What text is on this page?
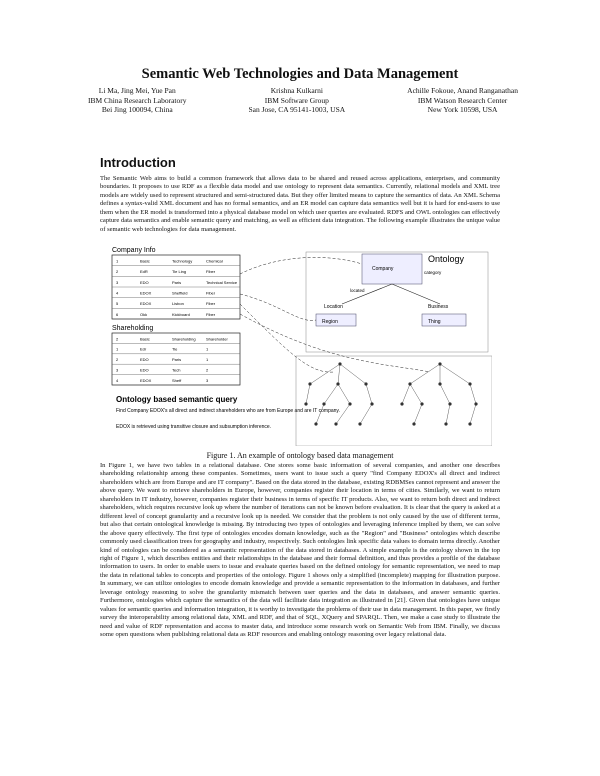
Semantic Web Technologies and Data Management
Li Ma, Jing Mei, Yue Pan
IBM China Research Laboratory
Bei Jing 100094, China
Krishna Kulkarni
IBM Software Group
San Jose, CA 95141-1003, USA
Achille Fokoue, Anand Ranganathan
IBM Watson Research Center
New York 10598, USA
Introduction

The Semantic Web aims to build a common framework that allows data to be shared and reused across applications, enterprises, and community boundaries. It proposes to use RDF as a flexible data model and use ontology to represent data semantics. Currently, relational models and XML tree models are widely used to represent structured and semi-structured data. But they offer limited means to capture the semantics of data. An XML Schema defines a syntax-valid XML document and has no formal semantics, and an ER model can capture data semantics well but it is hard for end-users to use them when the ER model is transformed into a physical database model on which user queries are evaluated. RDFS and OWL ontologies can effectively capture data semantics and enable semantic query and matching, as well as efficient data integration. The following example illustrates the unique value of semantic web technologies for data management.

Company Info
1	Basic	Technology	Chemical
2	EdR	Tie Ling	Fiber
3	EDO	Paris	Technical Service
4	EDOX	Sheffield	Fiber
5	EDOX	Lisbon	Fiber
6	Okk	Kickboard	Fiber
Shareholding
2	Basic	Shareholding	Shareholder
1	Edr	Tie	1
2	EDO	Paris	1
3	EDO	Tech	2
4	EDOX	Sheff	3
Ontology based semantic query
Find Company EDOX's all direct and indirect shareholders who are from Europe and are IT company.
EDOX is retrieved using transitive closure and subsumption inference.
Ontology
Company
category
located
Location
Region
Business
Thing
Figure 1. An example of ontology based data management

In Figure 1, we have two tables in a relational database. One stores some basic information of several companies, and another one describes shareholding relationship among these companies. Sometimes, users want to issue such a query "find Company EDOX's all direct and indirect shareholders which are from Europe and are IT company". Based on the data stored in the database, existing RDBMSes cannot represent and answer the above query. We want to retrieve shareholders in Europe, however, companies register their location in terms of cities. Similarly, we want to return shareholders in IT industry, however, companies register their business in terms of specific IT products. Also, we want to return both direct and indirect shareholders, which requires recursive look up where the number of iterations can not be known before evaluation. It is clear that the query is asked at a different level of concept granularity and a recursive look up is needed. We consider that the problem is not only caused by the use of different terms, but also that certain ontological knowledge is missing. By introducing two types of ontologies and leveraging inference implied by them, we can solve the above query effectively. The first type of ontologies encodes domain knowledge, such as the "Region" and "Business" ontologies which describe commonly used classification trees for geography and industry, respectively. Such ontologies link specific data values to domain terms directly. Another kind of ontologies can be considered as a semantic representation of the data stored in databases. A simple example is the ontology shown in the top right of Figure 1, which describes entities and their relationships in the database and their formal definition, and thus provides a profile of the database information to users. In order to enable users to issue and evaluate queries based on the defined ontology for semantic representation, we need to map the data in relational tables to concepts and properties of the ontology. Figure 1 shows only a simplified (incomplete) mapping for illustration purpose. In summary, we can utilize ontologies to encode domain knowledge and provide a semantic representation to the information in databases, and further leverage ontology reasoning to solve the granularity mismatch between user queries and the data in databases, and answer semantic queries. Furthermore, ontologies which capture the semantics of the data will facilitate data integration as illustrated in [21]. Given that ontologies have unique values for semantic queries and information integration, it is worthy to investigate the problems of their use in data management. In this paper, we firstly survey the interoperability among relational data, XML and RDF, and that of SQL, XQuery and SPARQL. Then, we make a case study to illustrate the need and value of RDF representation and access to master data, and introduce some research work on Semantic Web from IBM. Finally, we discuss some open questions when publishing relational data as RDF resources and enabling ontology reasoning over legacy relational data.
